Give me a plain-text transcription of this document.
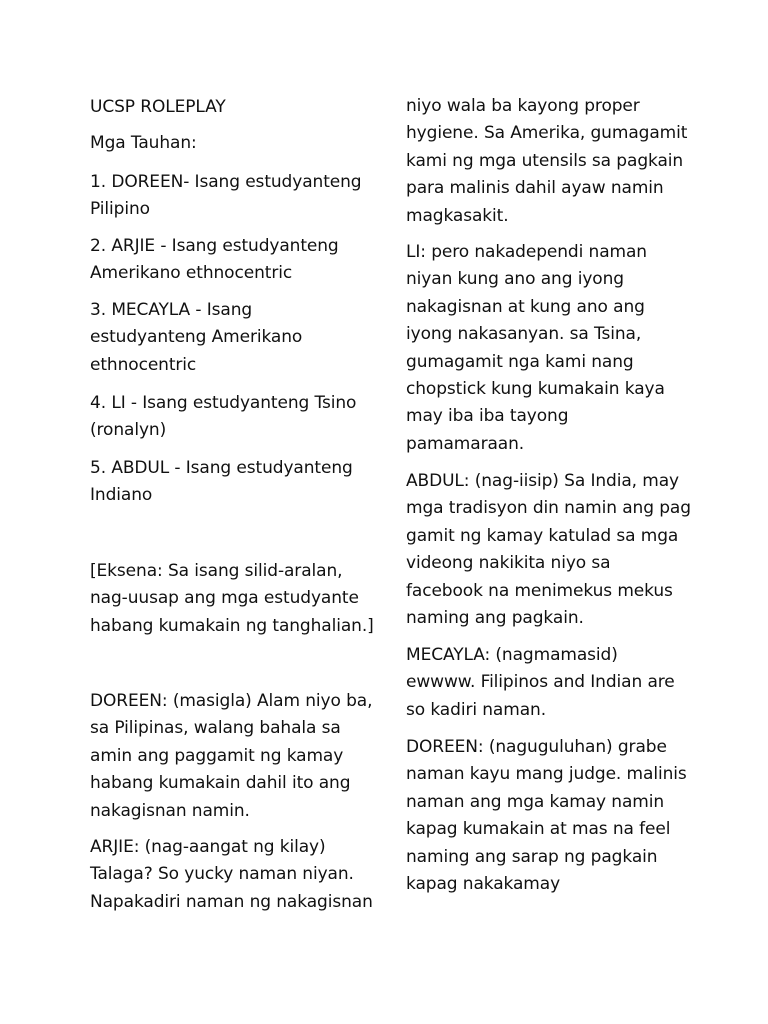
UCSP ROLEPLAY

Mga Tauhan:

1. DOREEN- Isang estudyanteng
Pilipino

2. ARJIE - Isang estudyanteng
Amerikano ethnocentric

3. MECAYLA - Isang
estudyanteng Amerikano
ethnocentric

4. LI - Isang estudyanteng Tsino
(ronalyn)

5. ABDUL - Isang estudyanteng
Indiano

[Eksena: Sa isang silid-aralan,
nag-uusap ang mga estudyante
habang kumakain ng tanghalian.]

DOREEN: (masigla) Alam niyo ba,
sa Pilipinas, walang bahala sa
amin ang paggamit ng kamay
habang kumakain dahil ito ang
nakagisnan namin.

ARJIE: (nag-aangat ng kilay)
Talaga? So yucky naman niyan.
Napakadiri naman ng nakagisnan

niyo wala ba kayong proper
hygiene. Sa Amerika, gumagamit
kami ng mga utensils sa pagkain
para malinis dahil ayaw namin
magkasakit.

LI: pero nakadependi naman
niyan kung ano ang iyong
nakagisnan at kung ano ang
iyong nakasanyan. sa Tsina,
gumagamit nga kami nang
chopstick kung kumakain kaya
may iba iba tayong
pamamaraan.

ABDUL: (nag-iisip) Sa India, may
mga tradisyon din namin ang pag
gamit ng kamay katulad sa mga
videong nakikita niyo sa
facebook na menimekus mekus
naming ang pagkain.

MECAYLA: (nagmamasid)
ewwww. Filipinos and Indian are
so kadiri naman.

DOREEN: (naguguluhan) grabe
naman kayu mang judge. malinis
naman ang mga kamay namin
kapag kumakain at mas na feel
naming ang sarap ng pagkain
kapag nakakamay
